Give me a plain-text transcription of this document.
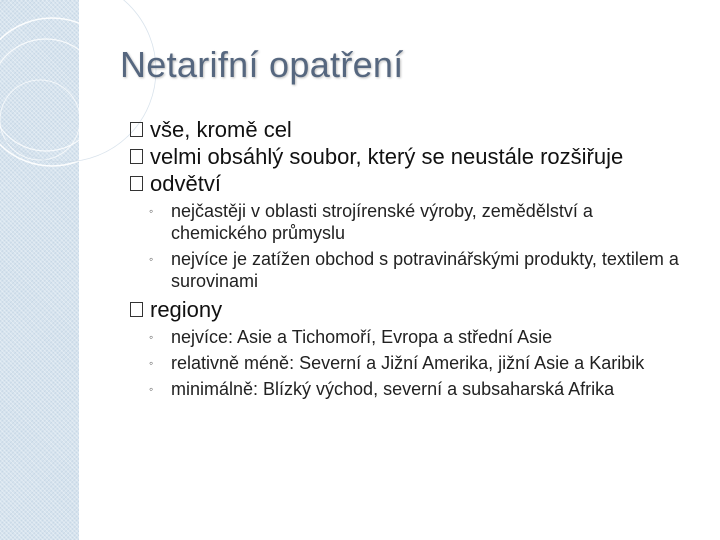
Netarifní opatření
vše, kromě cel
velmi obsáhlý soubor, který se neustále rozšiřuje
odvětví
◦ nejčastěji v oblasti strojírenské výroby, zemědělství a chemického průmyslu
◦ nejvíce je zatížen obchod s potravinářskými produkty, textilem a surovinami
regiony
◦ nejvíce: Asie a Tichomoří, Evropa a střední Asie
◦ relativně méně: Severní a Jižní Amerika, jižní Asie a Karibik
◦ minimálně: Blízký východ, severní a subsaharská Afrika
